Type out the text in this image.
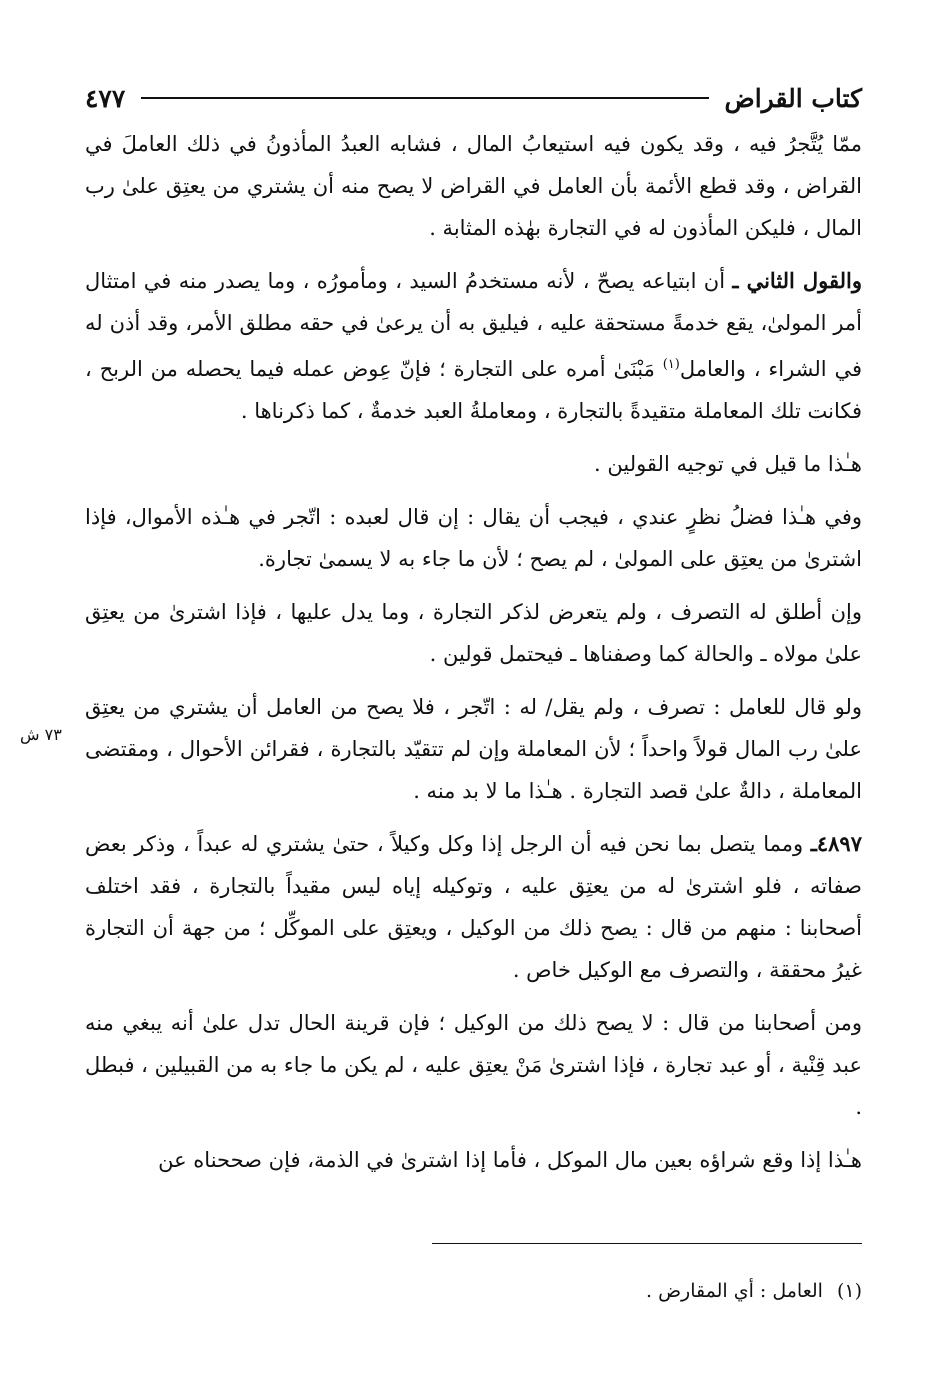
كتاب القراض
٤٧٧
٧٣ ش

ممّا يُتَّجرُ فيه ، وقد يكون فيه استيعابُ المال ، فشابه العبدُ المأذونُ في ذلك العاملَ في القراض ، وقد قطع الأئمة بأن العامل في القراض لا يصح منه أن يشتري من يعتِق علىٰ رب المال ، فليكن المأذون له في التجارة بهٰذه المثابة .

والقول الثاني ـ أن ابتياعه يصحّ ، لأنه مستخدمُ السيد ، ومأمورُه ، وما يصدر منه في امتثال أمر المولىٰ، يقع خدمةً مستحقة عليه ، فيليق به أن يرعىٰ في حقه مطلق الأمر، وقد أذن له في الشراء ، والعامل$^{(١)}$ مَبْنَىٰ أمره على التجارة ؛ فإنّ عِوض عمله فيما يحصله من الربح ، فكانت تلك المعاملة متقيدةً بالتجارة ، ومعاملةُ العبد خدمةٌ ، كما ذكرناها .

هـٰذا ما قيل في توجيه القولين .

وفي هـٰذا فضلُ نظرٍ عندي ، فيجب أن يقال : إن قال لعبده : اتّجر في هـٰذه الأموال، فإذا اشترىٰ من يعتِق على المولىٰ ، لم يصح ؛ لأن ما جاء به لا يسمىٰ تجارة.

وإن أطلق له التصرف ، ولم يتعرض لذكر التجارة ، وما يدل عليها ، فإذا اشترىٰ من يعتِق علىٰ مولاه ـ والحالة كما وصفناها ـ فيحتمل قولين .

ولو قال للعامل : تصرف ، ولم يقل/ له : اتّجر ، فلا يصح من العامل أن يشتري من يعتِق علىٰ رب المال قولاً واحداً ؛ لأن المعاملة وإن لم تتقيّد بالتجارة ، فقرائن الأحوال ، ومقتضى المعاملة ، دالةٌ علىٰ قصد التجارة . هـٰذا ما لا بد منه .

٤٨٩٧ـ ومما يتصل بما نحن فيه أن الرجل إذا وكل وكيلاً ، حتىٰ يشتري له عبداً ، وذكر بعض صفاته ، فلو اشترىٰ له من يعتِق عليه ، وتوكيله إياه ليس مقيداً بالتجارة ، فقد اختلف أصحابنا : منهم من قال : يصح ذلك من الوكيل ، ويعتِق على الموكِّل ؛ من جهة أن التجارة غيرُ محققة ، والتصرف مع الوكيل خاص .

ومن أصحابنا من قال : لا يصح ذلك من الوكيل ؛ فإن قرينة الحال تدل علىٰ أنه يبغي منه عبد قِنْية ، أو عبد تجارة ، فإذا اشترىٰ مَنْ يعتِق عليه ، لم يكن ما جاء به من القبيلين ، فبطل .

هـٰذا إذا وقع شراؤه بعين مال الموكل ، فأما إذا اشترىٰ في الذمة، فإن صححناه عن

(١)العامل : أي المقارض .
